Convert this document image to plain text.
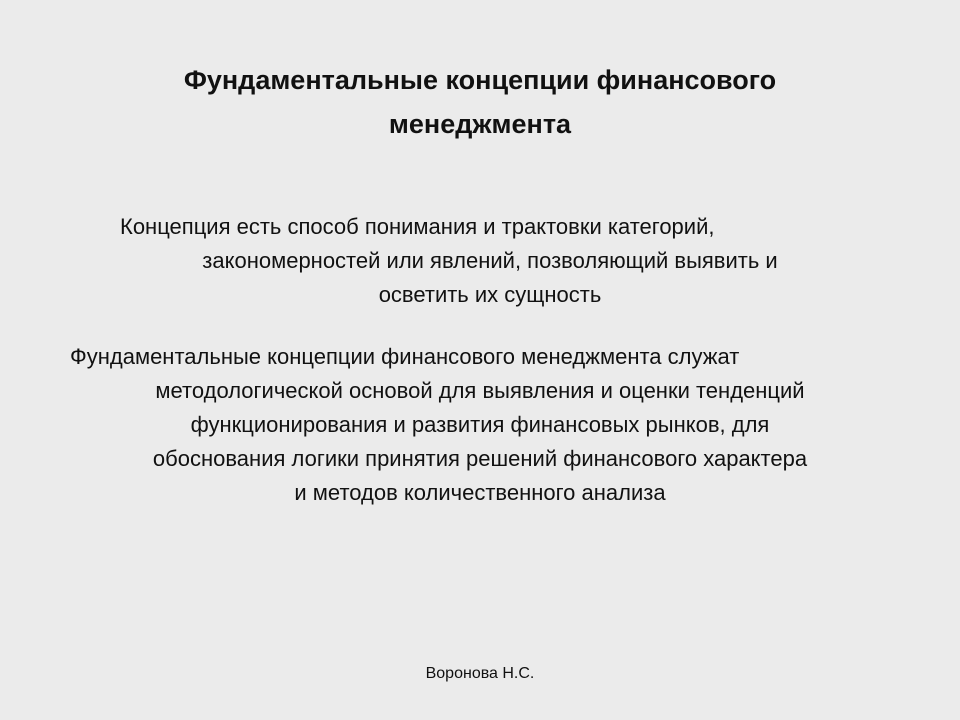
Фундаментальные концепции финансового
менеджмента
Концепция есть способ понимания и трактовки категорий,
закономерностей или явлений, позволяющий выявить и
осветить их сущность
Фундаментальные концепции финансового менеджмента служат
методологической основой для выявления и оценки тенденций
функционирования и развития финансовых рынков, для
обоснования логики принятия решений финансового характера
и методов количественного анализа
Воронова Н.С.
